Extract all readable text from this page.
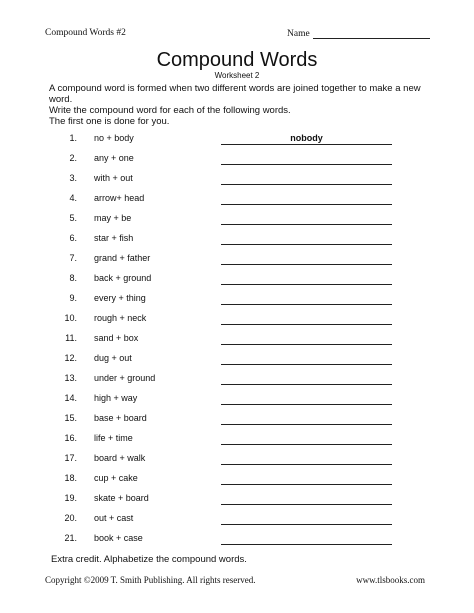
Compound Words #2	Name
Compound Words
Worksheet 2

A compound word is formed when two different words are joined together to make a new word.

Write the compound word for each of the following words.

The first one is done for you.

1. no + body	nobody
2. any + one
3. with + out
4. arrow+ head
5. may + be
6. star + fish
7. grand + father
8. back + ground
9. every + thing
10. rough + neck
11. sand + box
12. dug + out
13. under + ground
14. high + way
15. base + board
16. life + time
17. board + walk
18. cup + cake
19. skate + board
20. out + cast
21. book + case
Extra credit. Alphabetize the compound words.
Copyright ©2009 T. Smith Publishing. All rights reserved.	www.tlsbooks.com
